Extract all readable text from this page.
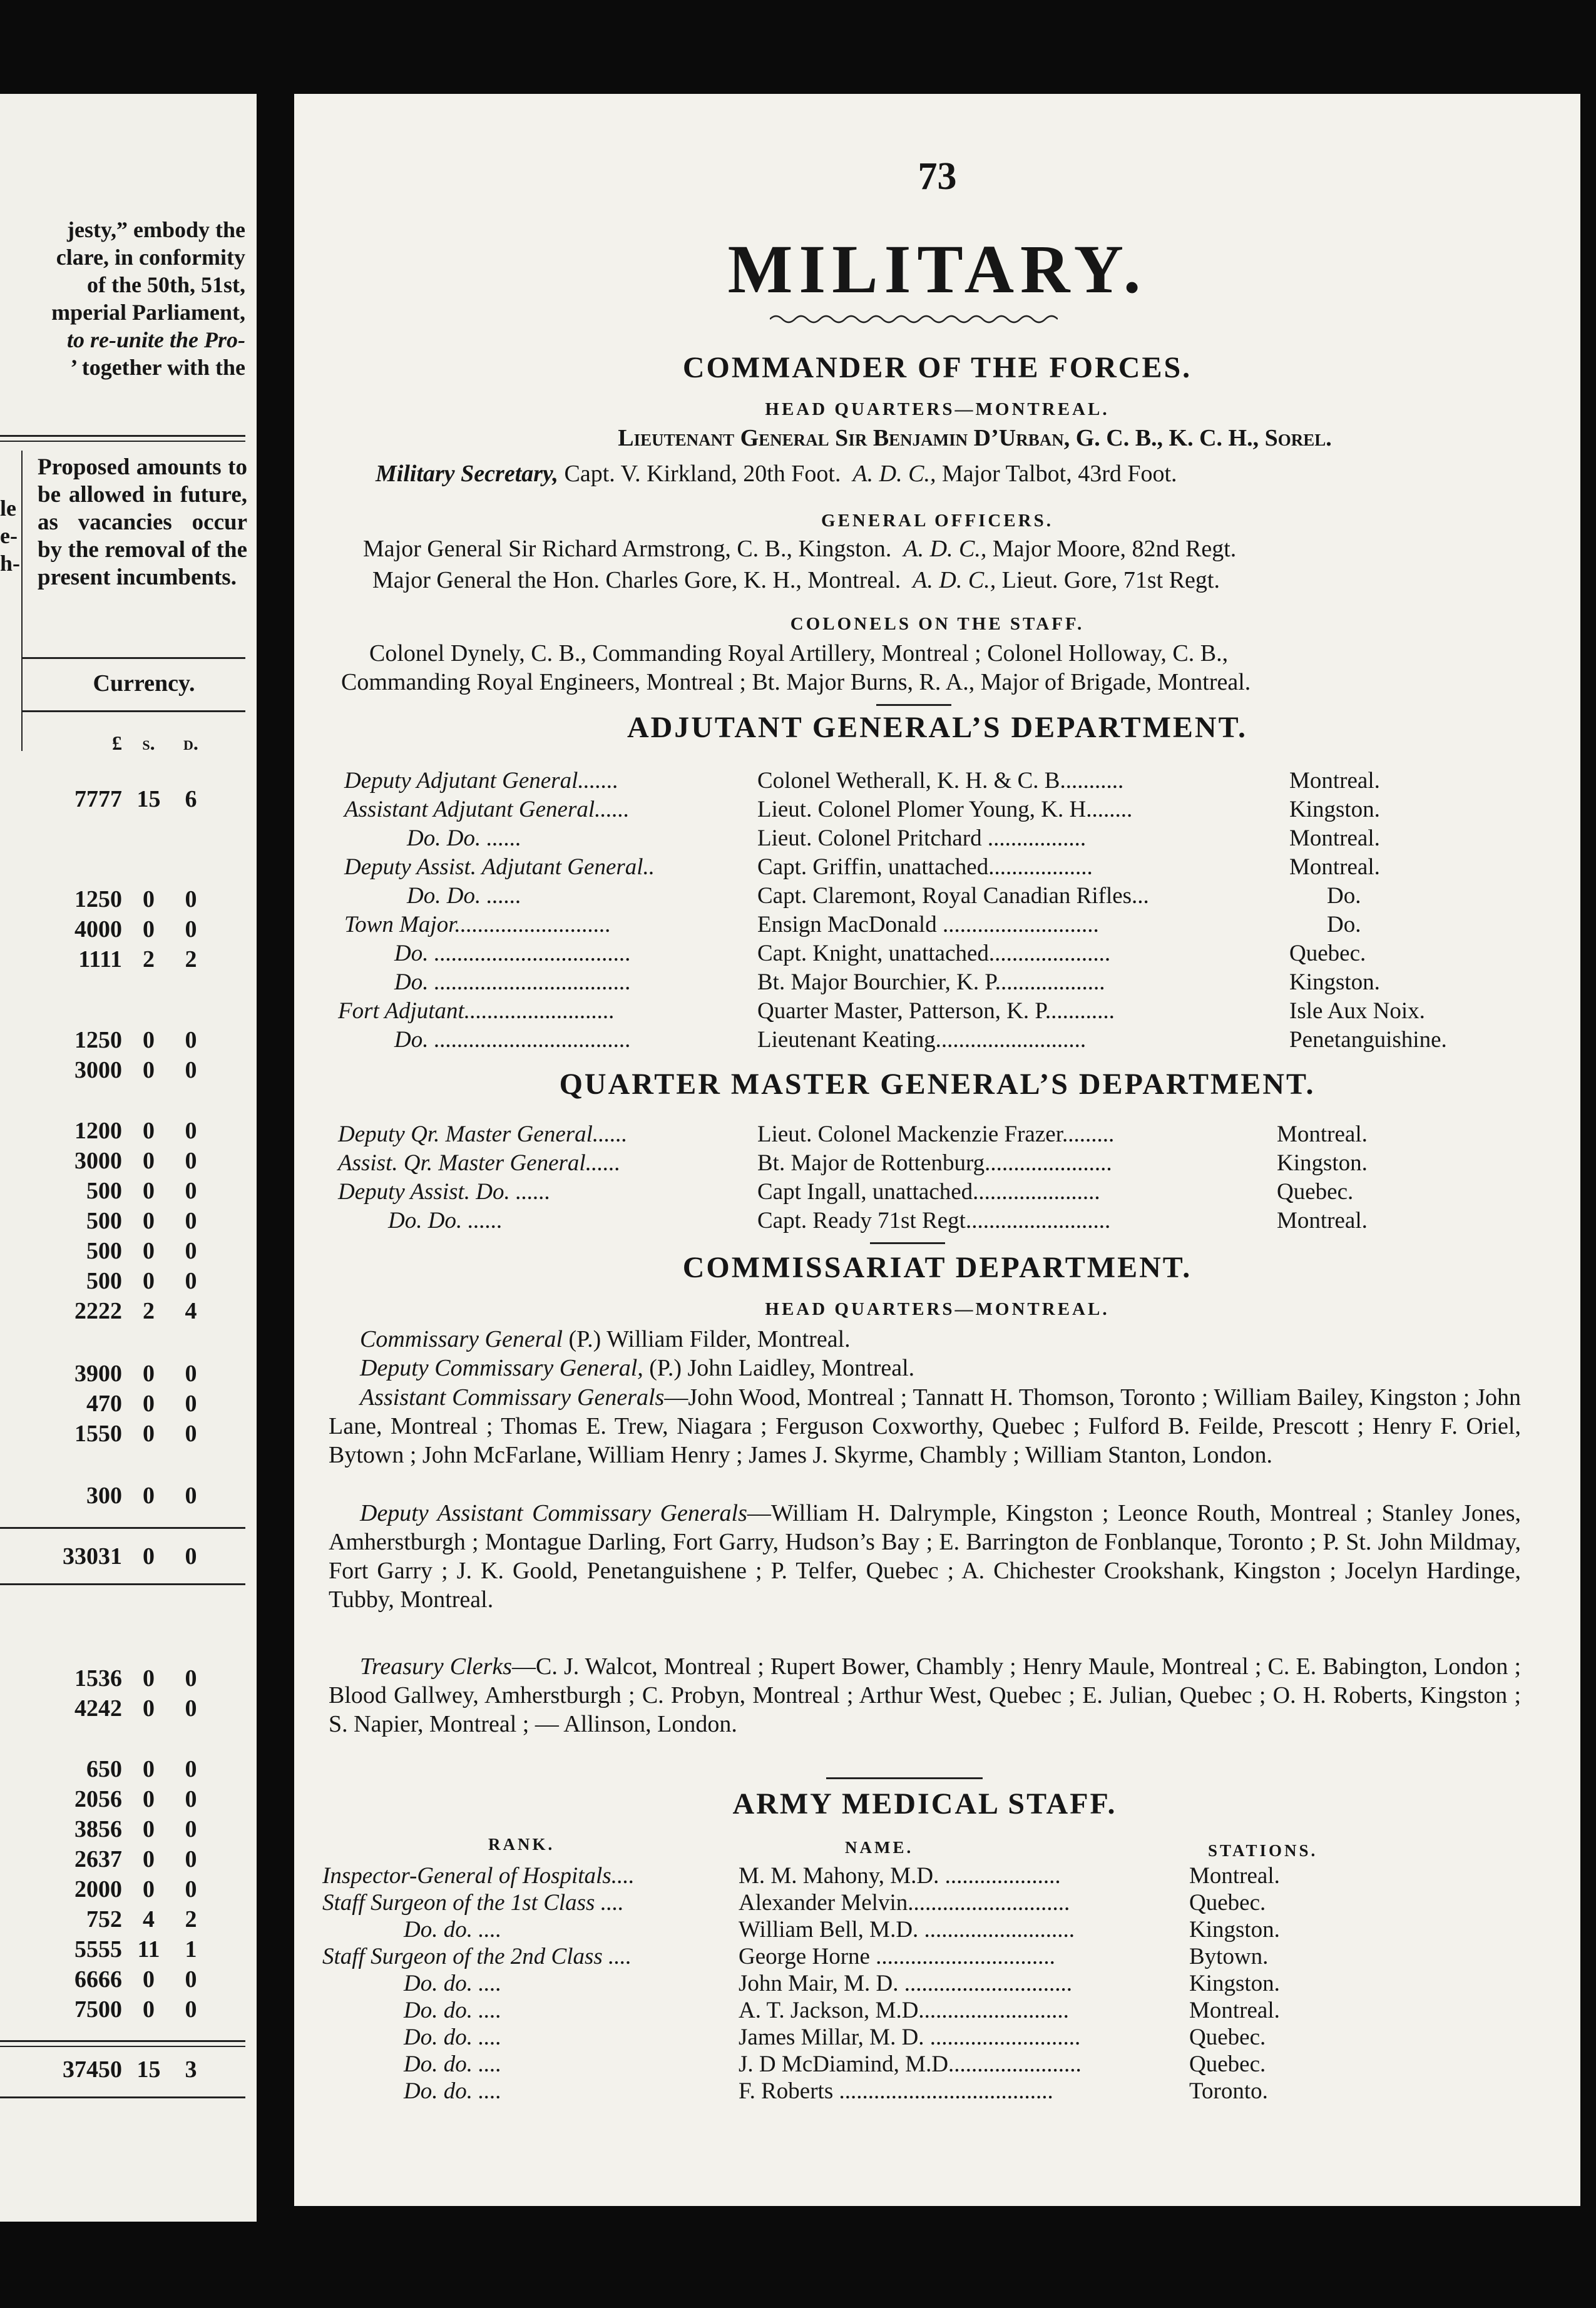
jesty,” embody the
clare, in conformity
of the 50th, 51st,
mperial Parliament,
to re-unite the Pro-
’ together with the
le
e-
h-
Proposed amounts to be allowed in future, as vacancies occur by the removal of the present incumbents.
Currency.
£	s.	d.
7777 15	6
1250 0	0
4000 0	0
1111 2	2
1250 0	0
3000 0	0
1200 0	0
3000 0	0
500 0	0
500 0	0
500 0	0
500 0	0
2222 2	4
3900 0	0
470 0	0
1550 0	0
300 0	0
33031 0	0
1536 0	0
4242 0	0
650 0	0
2056 0	0
3856 0	0
2637 0	0
2000 0	0
752 4	2
5555 11	1
6666 0	0
7500 0	0
37450 15	3
73
MILITARY.
COMMANDER OF THE FORCES.
HEAD QUARTERS—MONTREAL.
Lieutenant General Sir Benjamin D’Urban, G. C. B., K. C. H., Sorel.
Military Secretary, Capt. V. Kirkland, 20th Foot. A. D. C., Major Talbot, 43rd Foot.
GENERAL OFFICERS.
Major General Sir Richard Armstrong, C. B., Kingston. A. D. C., Major Moore, 82nd Regt.
Major General the Hon. Charles Gore, K. H., Montreal. A. D. C., Lieut. Gore, 71st Regt.
COLONELS ON THE STAFF.
Colonel Dynely, C. B., Commanding Royal Artillery, Montreal ; Colonel Holloway, C. B.,
Commanding Royal Engineers, Montreal ; Bt. Major Burns, R. A., Major of Brigade, Montreal.
ADJUTANT GENERAL’S DEPARTMENT.
Deputy Adjutant General.......	Colonel Wetherall, K. H. & C. B...........	Montreal.
Assistant Adjutant General......	Lieut. Colonel Plomer Young, K. H........	Kingston.
Do. Do. ......	Lieut. Colonel Pritchard .................	Montreal.
Deputy Assist. Adjutant General..	Capt. Griffin, unattached..................	Montreal.
Do. Do. ......	Capt. Claremont, Royal Canadian Rifles...	Do.
Town Major...........................	Ensign MacDonald ...........................	Do.
Do. ..................................	Capt. Knight, unattached.....................	Quebec.
Do. ..................................	Bt. Major Bourchier, K. P...................	Kingston.
Fort Adjutant..........................	Quarter Master, Patterson, K. P............	Isle Aux Noix.
Do. ..................................	Lieutenant Keating..........................	Penetanguishine.
QUARTER MASTER GENERAL’S DEPARTMENT.
Deputy Qr. Master General......	Lieut. Colonel Mackenzie Frazer.........	Montreal.
Assist. Qr. Master General......	Bt. Major de Rottenburg......................	Kingston.
Deputy Assist. Do. ......	Capt Ingall, unattached......................	Quebec.
Do. Do. ......	Capt. Ready 71st Regt.........................	Montreal.
COMMISSARIAT DEPARTMENT.
HEAD QUARTERS—MONTREAL.
Commissary General (P.) William Filder, Montreal.
Deputy Commissary General, (P.) John Laidley, Montreal.
Assistant Commissary Generals—John Wood, Montreal ; Tannatt H. Thomson, Toronto ; William Bailey, Kingston ; John Lane, Montreal ; Thomas E. Trew, Niagara ; Ferguson Coxworthy, Quebec ; Fulford B. Feilde, Prescott ; Henry F. Oriel, Bytown ; John McFarlane, William Henry ; James J. Skyrme, Chambly ; William Stanton, London.
Deputy Assistant Commissary Generals—William H. Dalrymple, Kingston ; Leonce Routh, Montreal ; Stanley Jones, Amherstburgh ; Montague Darling, Fort Garry, Hudson’s Bay ; E. Barrington de Fonblanque, Toronto ; P. St. John Mildmay, Fort Garry ; J. K. Goold, Penetanguishene ; P. Telfer, Quebec ; A. Chichester Crookshank, Kingston ; Jocelyn Hardinge, Tubby, Montreal.
Treasury Clerks—C. J. Walcot, Montreal ; Rupert Bower, Chambly ; Henry Maule, Montreal ; C. E. Babington, London ; Blood Gallwey, Amherstburgh ; C. Probyn, Montreal ; Arthur West, Quebec ; E. Julian, Quebec ; O. H. Roberts, Kingston ; S. Napier, Montreal ; — Allinson, London.
ARMY MEDICAL STAFF.
RANK.	NAME.	STATIONS.
Inspector-General of Hospitals....	M. M. Mahony, M.D. ....................	Montreal.
Staff Surgeon of the 1st Class ....	Alexander Melvin............................	Quebec.
Do. do. ....	William Bell, M.D. ..........................	Kingston.
Staff Surgeon of the 2nd Class ....	George Horne ...............................	Bytown.
Do. do. ....	John Mair, M. D. .............................	Kingston.
Do. do. ....	A. T. Jackson, M.D..........................	Montreal.
Do. do. ....	James Millar, M. D. ..........................	Quebec.
Do. do. ....	J. D McDiamind, M.D.......................	Quebec.
Do. do. ....	F. Roberts .....................................	Toronto.
